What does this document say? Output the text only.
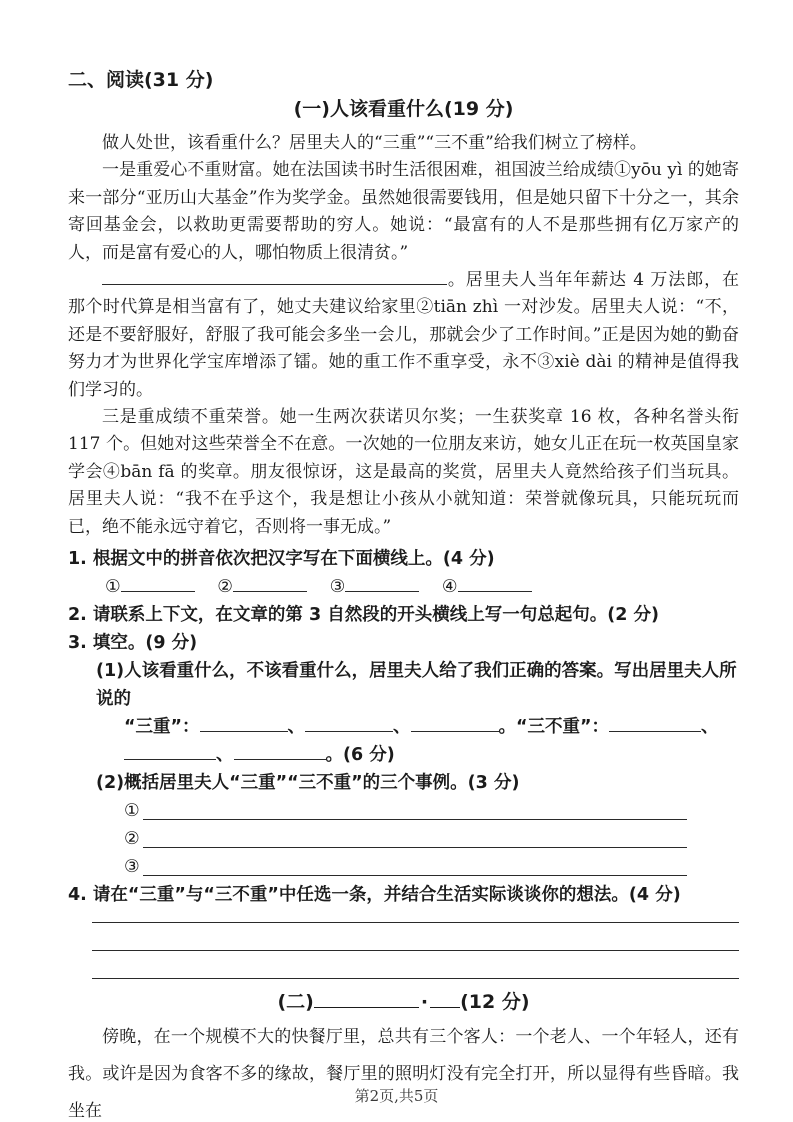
二、阅读(31 分)
(一)人该看重什么(19 分)

做人处世，该看重什么？居里夫人的“三重”“三不重”给我们树立了榜样。

一是重爱心不重财富。她在法国读书时生活很困难，祖国波兰给成绩①yōu yì 的她寄来一部分“亚历山大基金”作为奖学金。虽然她很需要钱用，但是她只留下十分之一，其余寄回基金会，以救助更需要帮助的穷人。她说：“最富有的人不是那些拥有亿万家产的人，而是富有爱心的人，哪怕物质上很清贫。”

。居里夫人当年年薪达 4 万法郎，在那个时代算是相当富有了，她丈夫建议给家里②tiān zhì 一对沙发。居里夫人说：“不，还是不要舒服好，舒服了我可能会多坐一会儿，那就会少了工作时间。”正是因为她的勤奋努力才为世界化学宝库增添了镭。她的重工作不重享受，永不③xiè dài 的精神是值得我们学习的。

三是重成绩不重荣誉。她一生两次获诺贝尔奖；一生获奖章 16 枚，各种名誉头衔 117 个。但她对这些荣誉全不在意。一次她的一位朋友来访，她女儿正在玩一枚英国皇家学会④bān fā 的奖章。朋友很惊讶，这是最高的奖赏，居里夫人竟然给孩子们当玩具。居里夫人说：“我不在乎这个，我是想让小孩从小就知道：荣誉就像玩具，只能玩玩而已，绝不能永远守着它，否则将一事无成。”

1. 根据文中的拼音依次把汉字写在下面横线上。(4 分)
①	②	③	④
2. 请联系上下文，在文章的第 3 自然段的开头横线上写一句总起句。(2 分)
3. 填空。(9 分)
(1)人该看重什么，不该看重什么，居里夫人给了我们正确的答案。写出居里夫人所说的
“三重”：	、	、	。“三不重”：	、
、	。(6 分)
(2)概括居里夫人“三重”“三不重”的三个事例。(3 分)
①
②
③
4. 请在“三重”与“三不重”中任选一条，并结合生活实际谈谈你的想法。(4 分)
(二)	· (12 分)

傍晚，在一个规模不大的快餐厅里，总共有三个客人：一个老人、一个年轻人，还有我。或许是因为食客不多的缘故，餐厅里的照明灯没有完全打开，所以显得有些昏暗。我坐在

第2页,共5页
